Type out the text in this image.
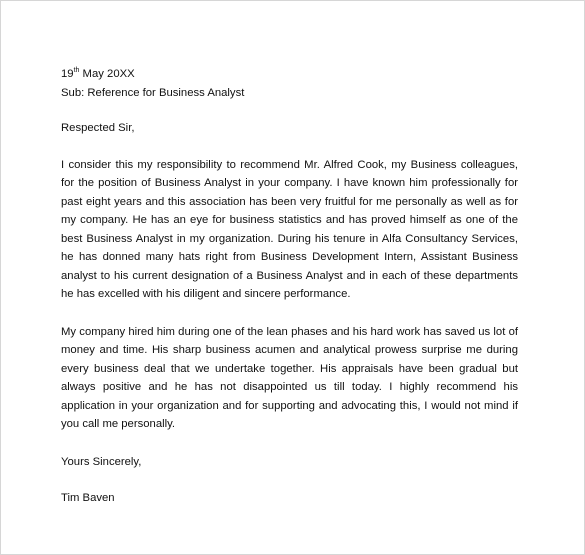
19th May 20XX
Sub: Reference for Business Analyst
Respected Sir,

I consider this my responsibility to recommend Mr. Alfred Cook, my Business colleagues, for the position of Business Analyst in your company. I have known him professionally for past eight years and this association has been very fruitful for me personally as well as for my company. He has an eye for business statistics and has proved himself as one of the best Business Analyst in my organization. During his tenure in Alfa Consultancy Services, he has donned many hats right from Business Development Intern, Assistant Business analyst to his current designation of a Business Analyst and in each of these departments he has excelled with his diligent and sincere performance.

My company hired him during one of the lean phases and his hard work has saved us lot of money and time. His sharp business acumen and analytical prowess surprise me during every business deal that we undertake together. His appraisals have been gradual but always positive and he has not disappointed us till today. I highly recommend his application in your organization and for supporting and advocating this, I would not mind if you call me personally.

Yours Sincerely,
Tim Baven
